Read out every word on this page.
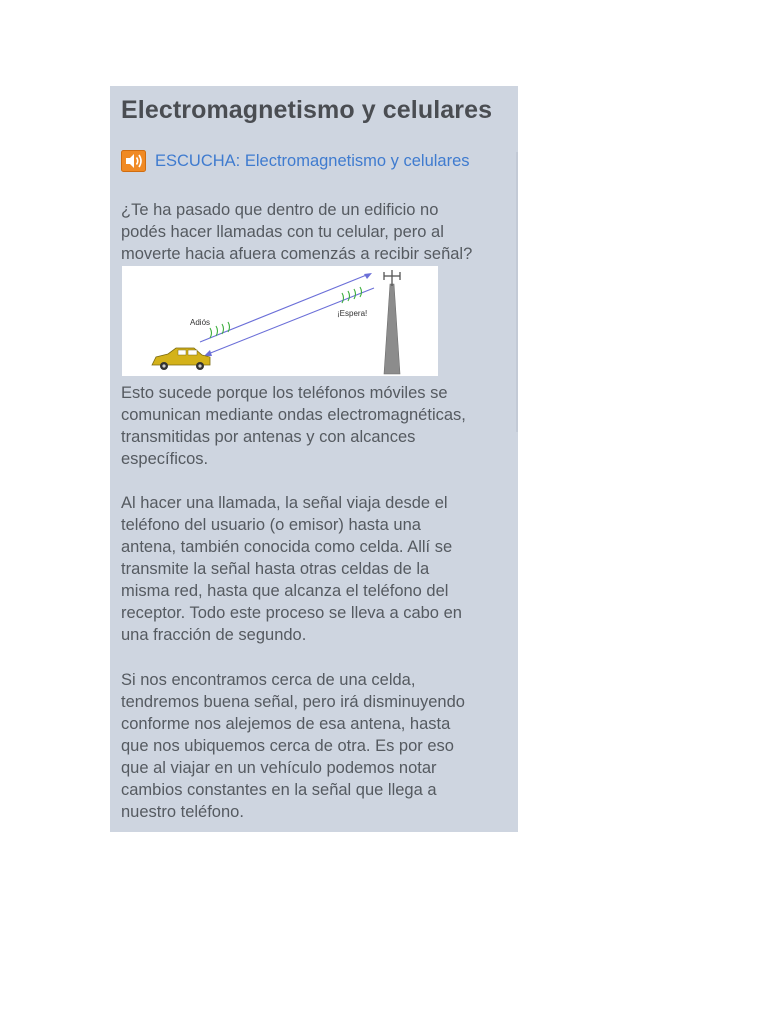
Electromagnetismo y celulares
ESCUCHA: Electromagnetismo y celulares

¿Te ha pasado que dentro de un edificio no
podés hacer llamadas con tu celular, pero al
moverte hacia afuera comenzás a recibir señal?

Adiós
¡Espera!

Esto sucede porque los teléfonos móviles se
comunican mediante ondas electromagnéticas,
transmitidas por antenas y con alcances
específicos.

Al hacer una llamada, la señal viaja desde el
teléfono del usuario (o emisor) hasta una
antena, también conocida como celda. Allí se
transmite la señal hasta otras celdas de la
misma red, hasta que alcanza el teléfono del
receptor. Todo este proceso se lleva a cabo en
una fracción de segundo.

Si nos encontramos cerca de una celda,
tendremos buena señal, pero irá disminuyendo
conforme nos alejemos de esa antena, hasta
que nos ubiquemos cerca de otra. Es por eso
que al viajar en un vehículo podemos notar
cambios constantes en la señal que llega a
nuestro teléfono.
